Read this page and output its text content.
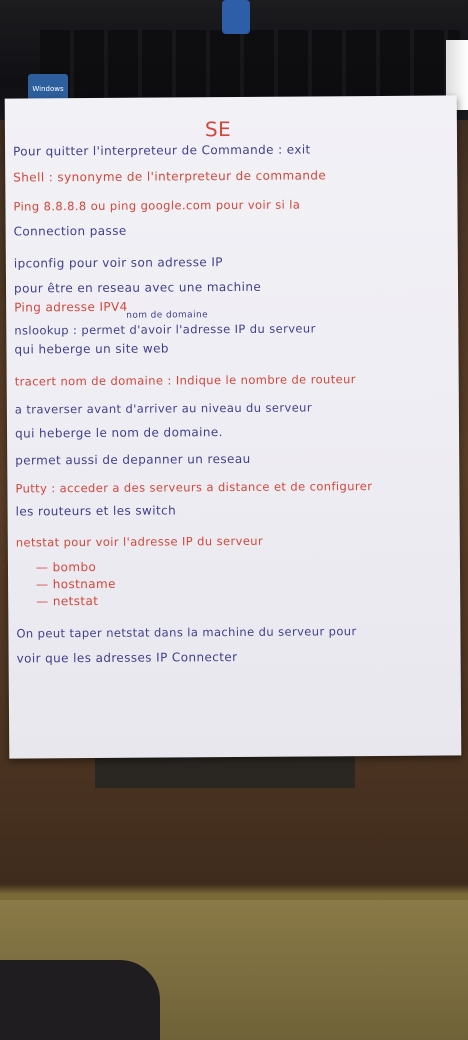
Windows
SE
Pour quitter l'interpreteur de Commande : exit
Shell : synonyme de l'interpreteur de commande
Ping 8.8.8.8 ou ping google.com pour voir si la
Connection passe
ipconfig pour voir son adresse IP
pour être en reseau avec une machine
Ping adresse IPV4
nom de domaine
nslookup : permet d'avoir l'adresse IP du serveur
qui heberge un site web
tracert nom de domaine : Indique le nombre de routeur
a traverser avant d'arriver au niveau du serveur
qui heberge le nom de domaine.
permet aussi de depanner un reseau
Putty : acceder a des serveurs a distance et de configurer
les routeurs et les switch
netstat pour voir l'adresse IP du serveur
— bombo
— hostname
— netstat
On peut taper netstat dans la machine du serveur pour
voir que les adresses IP Connecter
